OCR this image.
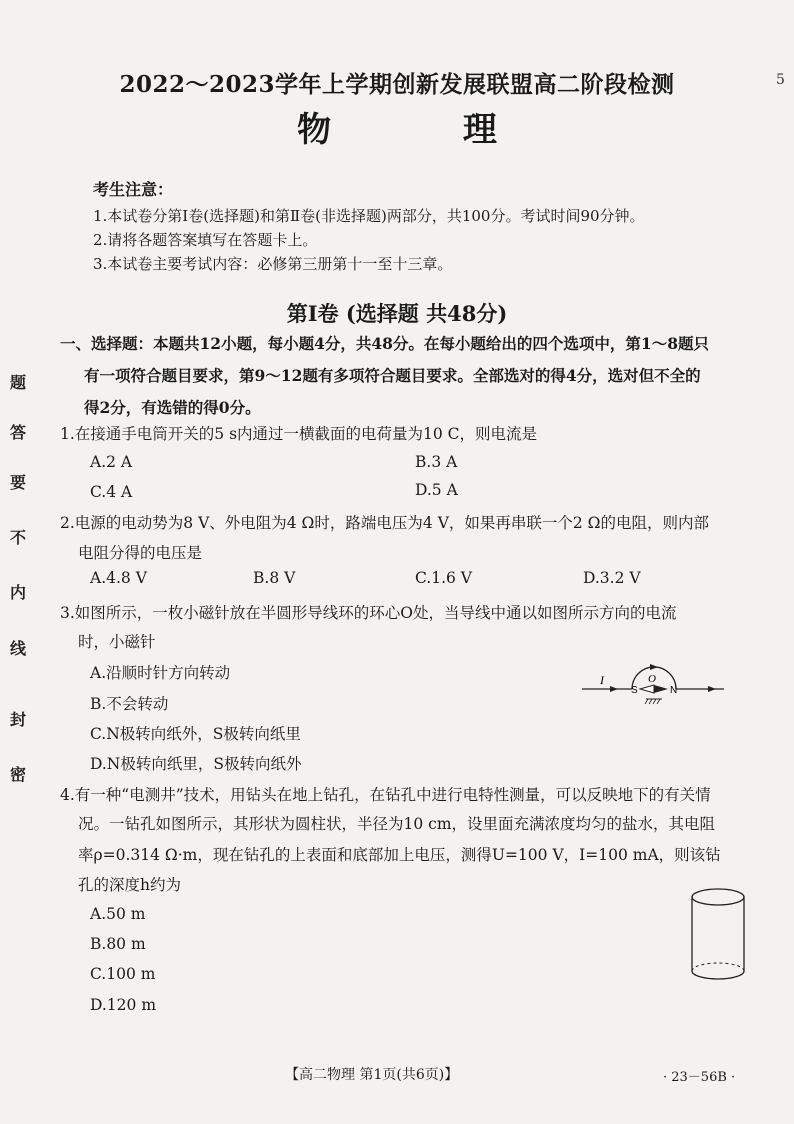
密
封
线
内
不
要
答
题
5
2022～2023学年上学期创新发展联盟高二阶段检测
物 理
考生注意：
1.本试卷分第Ⅰ卷(选择题)和第Ⅱ卷(非选择题)两部分，共100分。考试时间90分钟。
2.请将各题答案填写在答题卡上。
3.本试卷主要考试内容：必修第三册第十一至十三章。
第Ⅰ卷 (选择题 共48分)
一、选择题：本题共12小题，每小题4分，共48分。在每小题给出的四个选项中，第1～8题只
有一项符合题目要求，第9～12题有多项符合题目要求。全部选对的得4分，选对但不全的
得2分，有选错的得0分。
1.在接通手电筒开关的5 s内通过一横截面的电荷量为10 C，则电流是
A.2 A	B.3 A
C.4 A	D.5 A
2.电源的电动势为8 V、外电阻为4 Ω时，路端电压为4 V，如果再串联一个2 Ω的电阻，则内部
电阻分得的电压是
A.4.8 V	B.8 V	C.1.6 V	D.3.2 V
3.如图所示，一枚小磁针放在半圆形导线环的环心O处，当导线中通以如图所示方向的电流
时，小磁针
A.沿顺时针方向转动
B.不会转动
C.N极转向纸外，S极转向纸里
D.N极转向纸里，S极转向纸外
I	O
S	N
4.有一种“电测井”技术，用钻头在地上钻孔，在钻孔中进行电特性测量，可以反映地下的有关情
况。一钻孔如图所示，其形状为圆柱状，半径为10 cm，设里面充满浓度均匀的盐水，其电阻
率ρ=0.314 Ω·m，现在钻孔的上表面和底部加上电压，测得U=100 V，I=100 mA，则该钻
孔的深度h约为
A.50 m
B.80 m
C.100 m
D.120 m
【高二物理 第1页(共6页)】	· 23－56B ·
